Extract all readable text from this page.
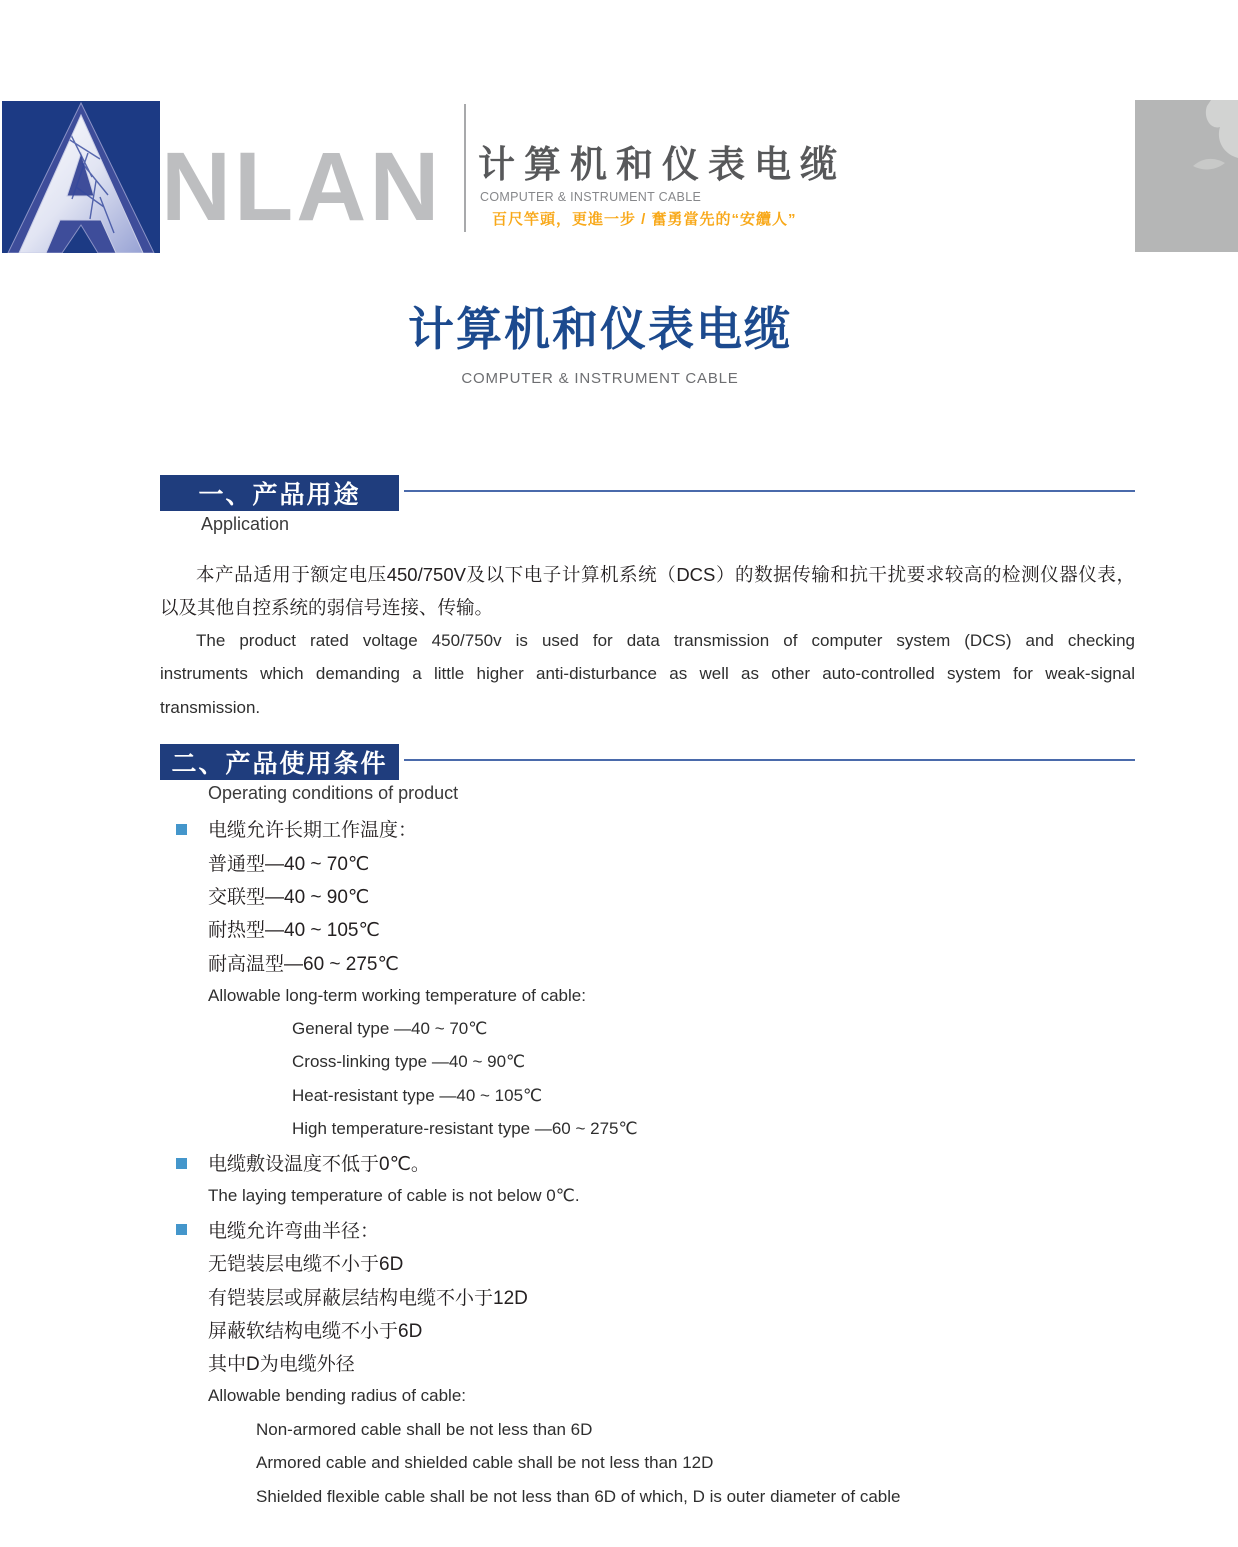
NLAN 计算机和仪表电缆
COMPUTER & INSTRUMENT CABLE
百尺竿頭，更進一步 / 奮勇當先的“安纜人”
计算机和仪表电缆
COMPUTER & INSTRUMENT CABLE
一、产品用途
Application
本产品适用于额定电压450/750V及以下电子计算机系统（DCS）的数据传输和抗干扰要求较高的检测仪器仪表，
以及其他自控系统的弱信号连接、传输。
The product rated voltage 450/750v is used for data transmission of computer system (DCS) and checking
instruments which demanding a little higher anti-disturbance as well as other auto-controlled system for weak-signal
transmission.
二、产品使用条件
Operating conditions of product
电缆允许长期工作温度：
普通型—40 ~ 70℃
交联型—40 ~ 90℃
耐热型—40 ~ 105℃
耐高温型—60 ~ 275℃
Allowable long-term working temperature of cable:
General type —40 ~ 70℃
Cross-linking type —40 ~ 90℃
Heat-resistant type —40 ~ 105℃
High temperature-resistant type —60 ~ 275℃
电缆敷设温度不低于0℃。
The laying temperature of cable is not below 0℃.
电缆允许弯曲半径：
无铠装层电缆不小于6D
有铠装层或屏蔽层结构电缆不小于12D
屏蔽软结构电缆不小于6D
其中D为电缆外径
Allowable bending radius of cable:
Non-armored cable shall be not less than 6D
Armored cable and shielded cable shall be not less than 12D
Shielded flexible cable shall be not less than 6D of which, D is outer diameter of cable
